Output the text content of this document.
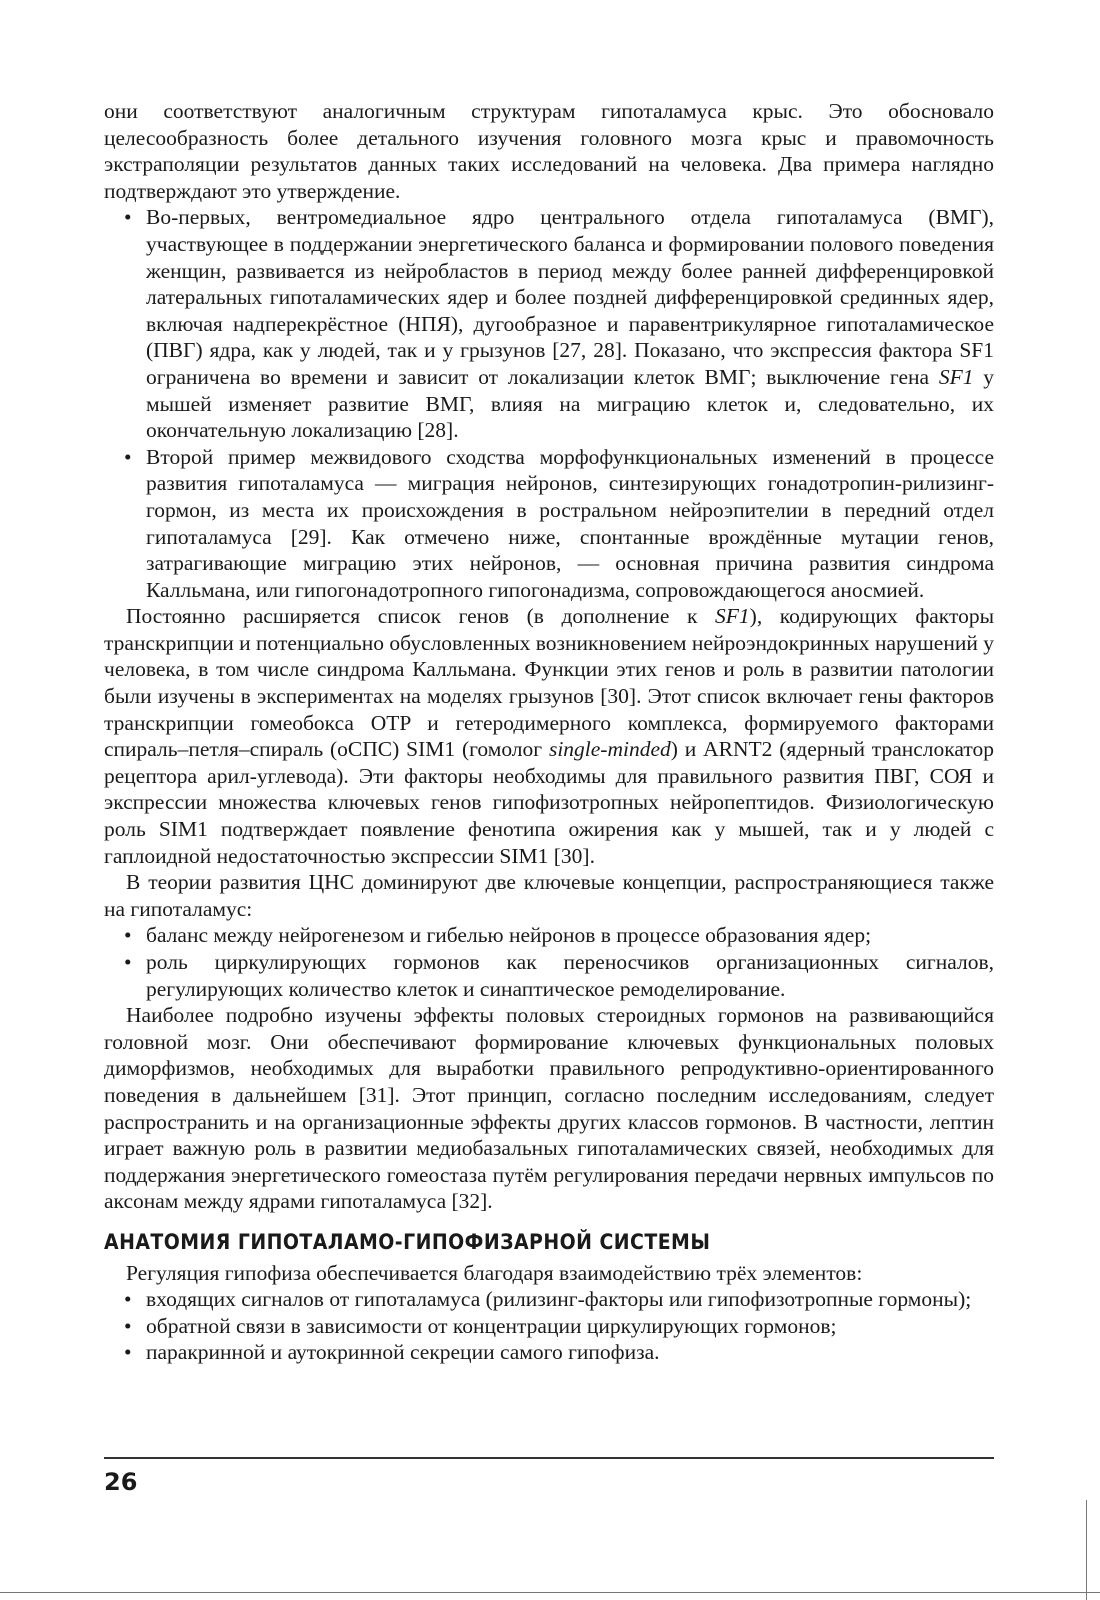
они соответствуют аналогичным структурам гипоталамуса крыс. Это обосновало целесообразность более детального изучения головного мозга крыс и правомочность экстраполяции результатов данных таких исследований на человека. Два примера наглядно подтверждают это утверждение.

• Во-первых, вентромедиальное ядро центрального отдела гипоталамуса (ВМГ), участвующее в поддержании энергетического баланса и формировании полового поведения женщин, развивается из нейробластов в период между более ранней дифференцировкой латеральных гипоталамических ядер и более поздней дифференцировкой срединных ядер, включая надперекрёстное (НПЯ), дугообразное и паравентрикулярное гипоталамическое (ПВГ) ядра, как у людей, так и у грызунов [27, 28]. Показано, что экспрессия фактора SF1 ограничена во времени и зависит от локализации клеток ВМГ; выключение гена SF1 у мышей изменяет развитие ВМГ, влияя на миграцию клеток и, следовательно, их окончательную локализацию [28].
• Второй пример межвидового сходства морфофункциональных изменений в процессе развития гипоталамуса — миграция нейронов, синтезирующих гонадотропин-рилизинг-гормон, из места их происхождения в ростральном нейроэпителии в передний отдел гипоталамуса [29]. Как отмечено ниже, спонтанные врождённые мутации генов, затрагивающие миграцию этих нейронов, — основная причина развития синдрома Калльмана, или гипогонадотропного гипогонадизма, сопровождающегося аносмией.

Постоянно расширяется список генов (в дополнение к SF1), кодирующих факторы транскрипции и потенциально обусловленных возникновением нейроэндокринных нарушений у человека, в том числе синдрома Калльмана. Функции этих генов и роль в развитии патологии были изучены в экспериментах на моделях грызунов [30]. Этот список включает гены факторов транскрипции гомеобокса OTP и гетеродимерного комплекса, формируемого факторами спираль–петля–спираль (оСПС) SIM1 (гомолог single-minded) и ARNT2 (ядерный транслокатор рецептора арил-углевода). Эти факторы необходимы для правильного развития ПВГ, СОЯ и экспрессии множества ключевых генов гипофизотропных нейропептидов. Физиологическую роль SIM1 подтверждает появление фенотипа ожирения как у мышей, так и у людей с гаплоидной недостаточностью экспрессии SIM1 [30].

В теории развития ЦНС доминируют две ключевые концепции, распространяющиеся также на гипоталамус:

• баланс между нейрогенезом и гибелью нейронов в процессе образования ядер;
• роль циркулирующих гормонов как переносчиков организационных сигналов, регулирующих количество клеток и синаптическое ремоделирование.

Наиболее подробно изучены эффекты половых стероидных гормонов на развивающийся головной мозг. Они обеспечивают формирование ключевых функциональных половых диморфизмов, необходимых для выработки правильного репродуктивно-ориентированного поведения в дальнейшем [31]. Этот принцип, согласно последним исследованиям, следует распространить и на организационные эффекты других классов гормонов. В частности, лептин играет важную роль в развитии медиобазальных гипоталамических связей, необходимых для поддержания энергетического гомеостаза путём регулирования передачи нервных импульсов по аксонам между ядрами гипоталамуса [32].

АНАТОМИЯ ГИПОТАЛАМО-ГИПОФИЗАРНОЙ СИСТЕМЫ

Регуляция гипофиза обеспечивается благодаря взаимодействию трёх элементов:

• входящих сигналов от гипоталамуса (рилизинг-факторы или гипофизотропные гормоны);
• обратной связи в зависимости от концентрации циркулирующих гормонов;
• паракринной и аутокринной секреции самого гипофиза.
26
